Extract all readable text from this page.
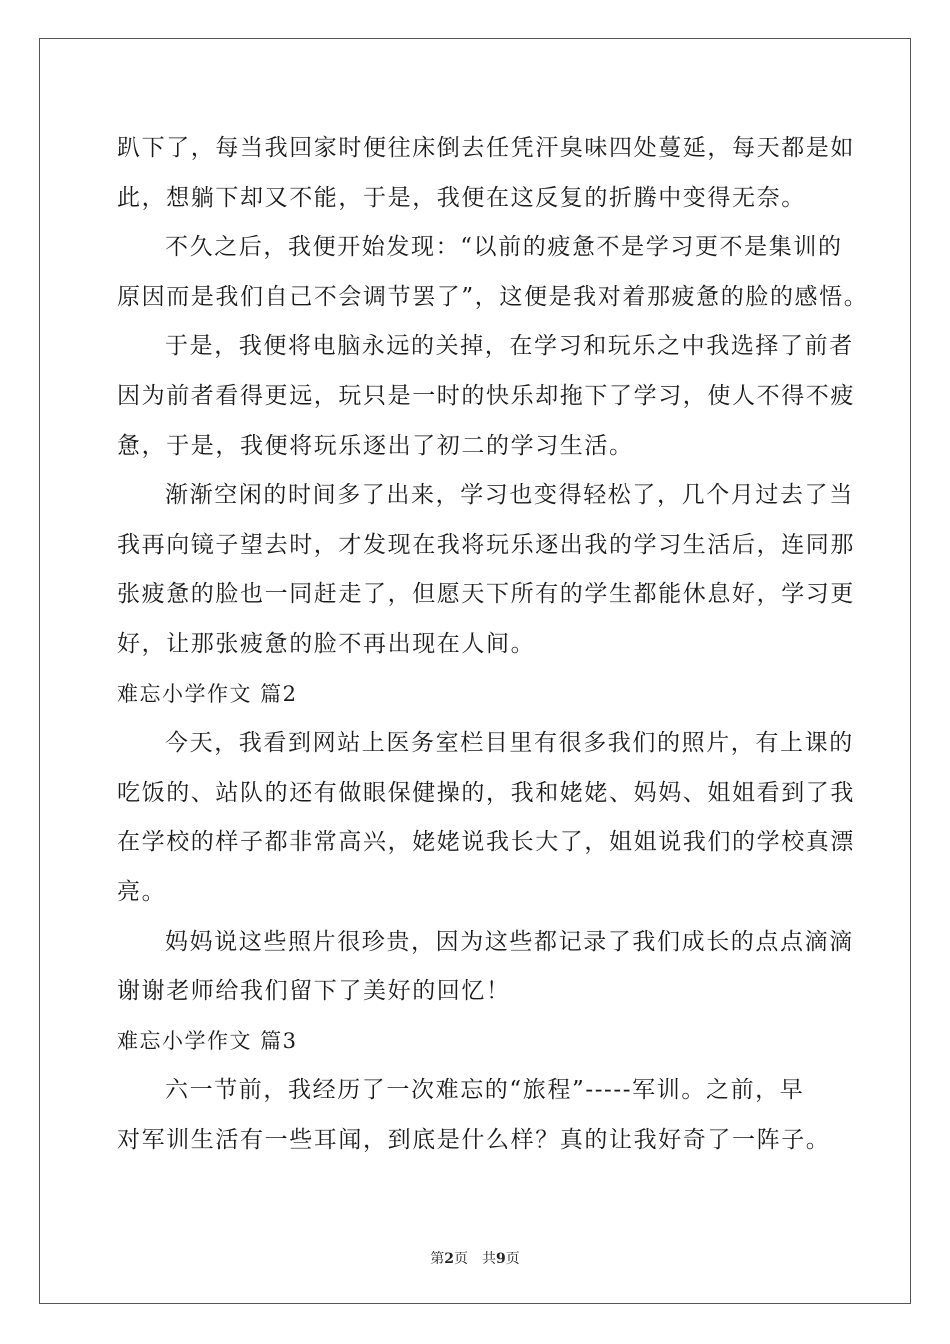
趴下了，每当我回家时便往床倒去任凭汗臭味四处蔓延，每天都是如
此，想躺下却又不能，于是，我便在这反复的折腾中变得无奈。
不久之后，我便开始发现：“以前的疲惫不是学习更不是集训的
原因而是我们自己不会调节罢了”，这便是我对着那疲惫的脸的感悟。
于是，我便将电脑永远的关掉，在学习和玩乐之中我选择了前者
因为前者看得更远，玩只是一时的快乐却拖下了学习，使人不得不疲
惫，于是，我便将玩乐逐出了初二的学习生活。
渐渐空闲的时间多了出来，学习也变得轻松了，几个月过去了当
我再向镜子望去时，才发现在我将玩乐逐出我的学习生活后，连同那
张疲惫的脸也一同赶走了，但愿天下所有的学生都能休息好，学习更
好，让那张疲惫的脸不再出现在人间。
难忘小学作文 篇2
今天，我看到网站上医务室栏目里有很多我们的照片，有上课的
吃饭的、站队的还有做眼保健操的，我和姥姥、妈妈、姐姐看到了我
在学校的样子都非常高兴，姥姥说我长大了，姐姐说我们的学校真漂
亮。
妈妈说这些照片很珍贵，因为这些都记录了我们成长的点点滴滴
谢谢老师给我们留下了美好的回忆！
难忘小学作文 篇3
六一节前，我经历了一次难忘的“旅程”-----军训。之前，早
对军训生活有一些耳闻，到底是什么样？真的让我好奇了一阵子。
第2页　共9页
